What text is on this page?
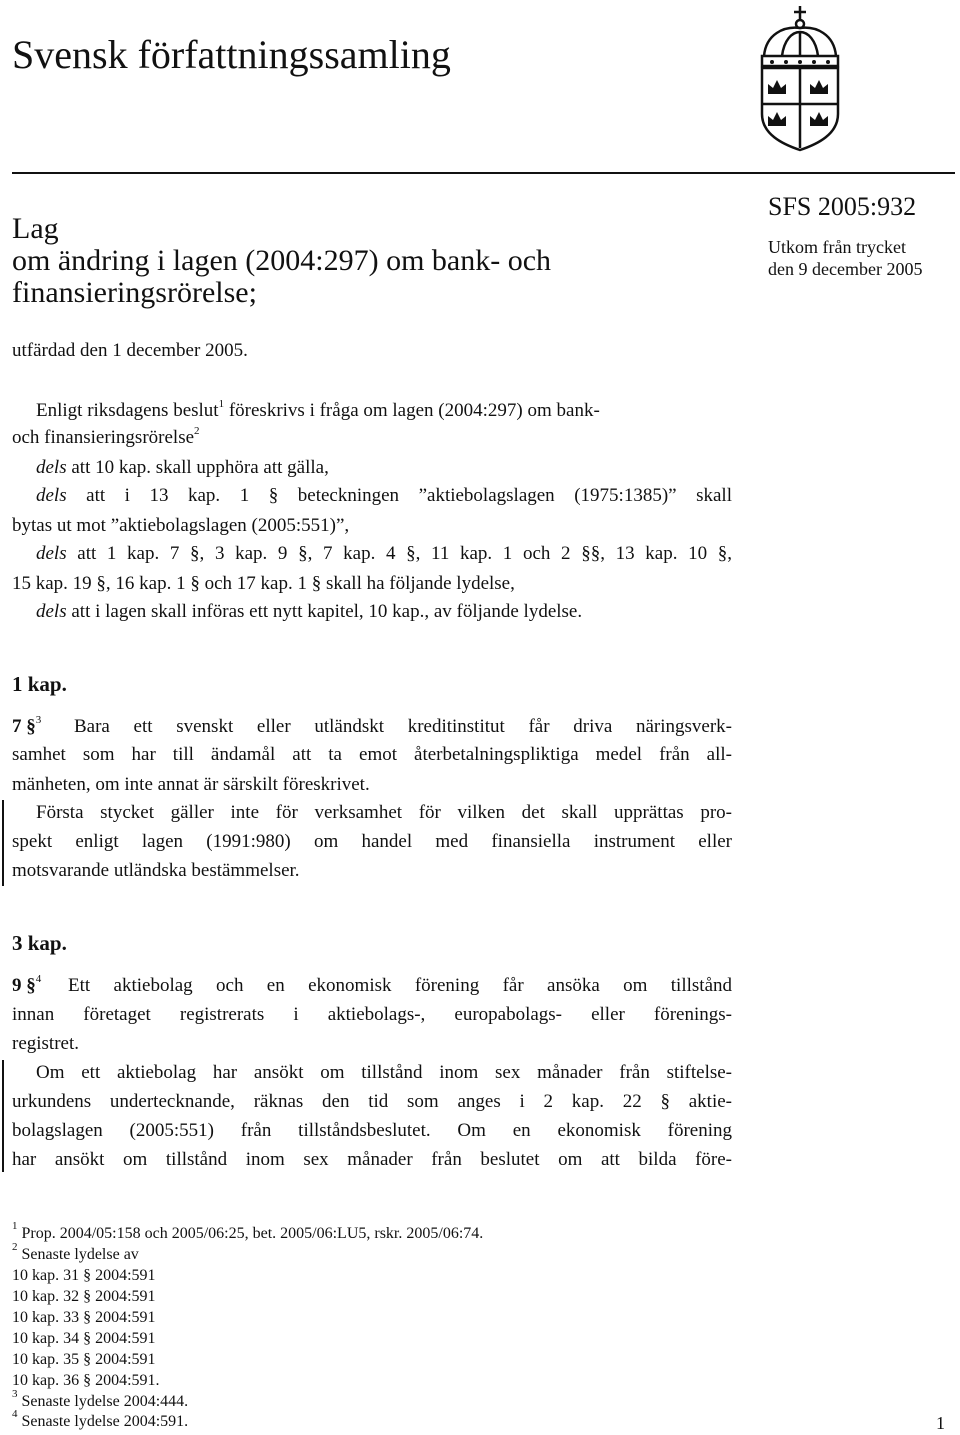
Svensk författningssamling
Lag
om ändring i lagen (2004:297) om bank- och
finansieringsrörelse;
SFS 2005:932
Utkom från trycket
den 9 december 2005
utfärdad den 1 december 2005.
Enligt riksdagens beslut$^1$ föreskrivs i fråga om lagen (2004:297) om bank-
och finansieringsrörelse$^2$
dels att 10 kap. skall upphöra att gälla,
dels att i 13 kap. 1 § beteckningen ”aktiebolagslagen (1975:1385)” skall
bytas ut mot ”aktiebolagslagen (2005:551)”,
dels att 1 kap. 7 §, 3 kap. 9 §, 7 kap. 4 §, 11 kap. 1 och 2 §§, 13 kap. 10 §,
15 kap. 19 §, 16 kap. 1 § och 17 kap. 1 § skall ha följande lydelse,
dels att i lagen skall införas ett nytt kapitel, 10 kap., av följande lydelse.
1 kap.
7 §$^3$ Bara ett svenskt eller utländskt kreditinstitut får driva näringsverk-
samhet som har till ändamål att ta emot återbetalningspliktiga medel från all-
mänheten, om inte annat är särskilt föreskrivet.
Första stycket gäller inte för verksamhet för vilken det skall upprättas pro-
spekt enligt lagen (1991:980) om handel med finansiella instrument eller
motsvarande utländska bestämmelser.
3 kap.
9 §$^4$ Ett aktiebolag och en ekonomisk förening får ansöka om tillstånd
innan företaget registrerats i aktiebolags-, europabolags- eller förenings-
registret.
Om ett aktiebolag har ansökt om tillstånd inom sex månader från stiftelse-
urkundens undertecknande, räknas den tid som anges i 2 kap. 22 § aktie-
bolagslagen (2005:551) från tillståndsbeslutet. Om en ekonomisk förening
har ansökt om tillstånd inom sex månader från beslutet om att bilda före-
$^1$ Prop. 2004/05:158 och 2005/06:25, bet. 2005/06:LU5, rskr. 2005/06:74.
$^2$ Senaste lydelse av
10 kap. 31 § 2004:591
10 kap. 32 § 2004:591
10 kap. 33 § 2004:591
10 kap. 34 § 2004:591
10 kap. 35 § 2004:591
10 kap. 36 § 2004:591.
$^3$ Senaste lydelse 2004:444.
$^4$ Senaste lydelse 2004:591.	1
